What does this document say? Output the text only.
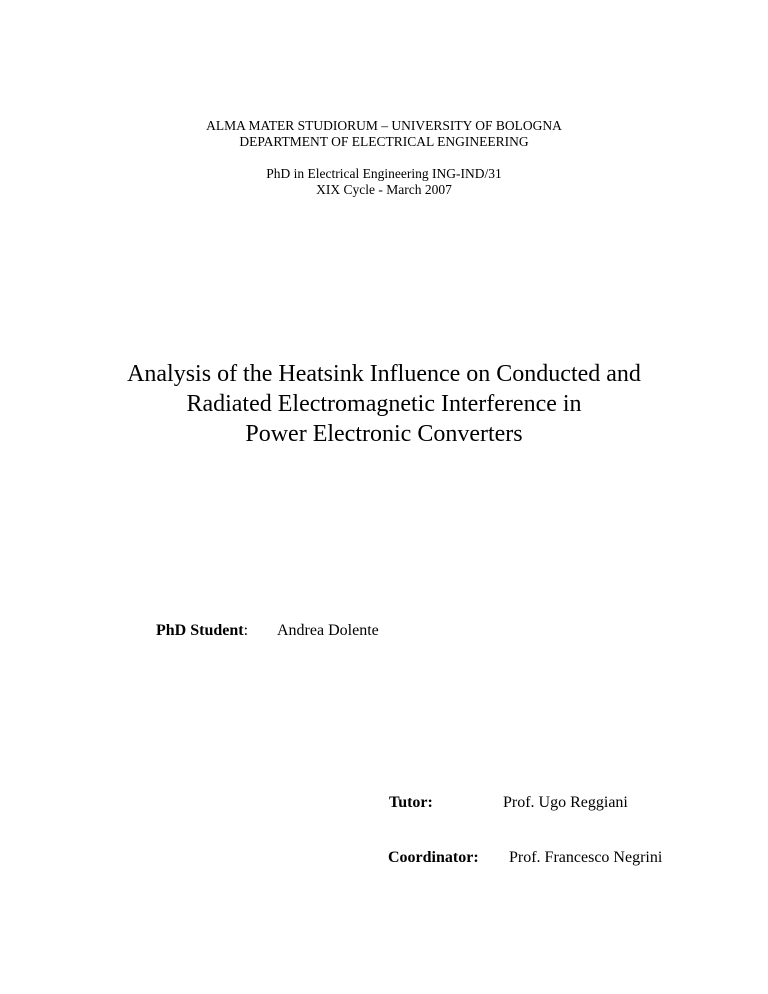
ALMA MATER STUDIORUM – UNIVERSITY OF BOLOGNA
DEPARTMENT OF ELECTRICAL ENGINEERING
PhD in Electrical Engineering ING-IND/31
XIX Cycle - March 2007
Analysis of the Heatsink Influence on Conducted and
Radiated Electromagnetic Interference in
Power Electronic Converters
PhD Student: Andrea Dolente
Tutor:	Prof. Ugo Reggiani
Coordinator: Prof. Francesco Negrini
